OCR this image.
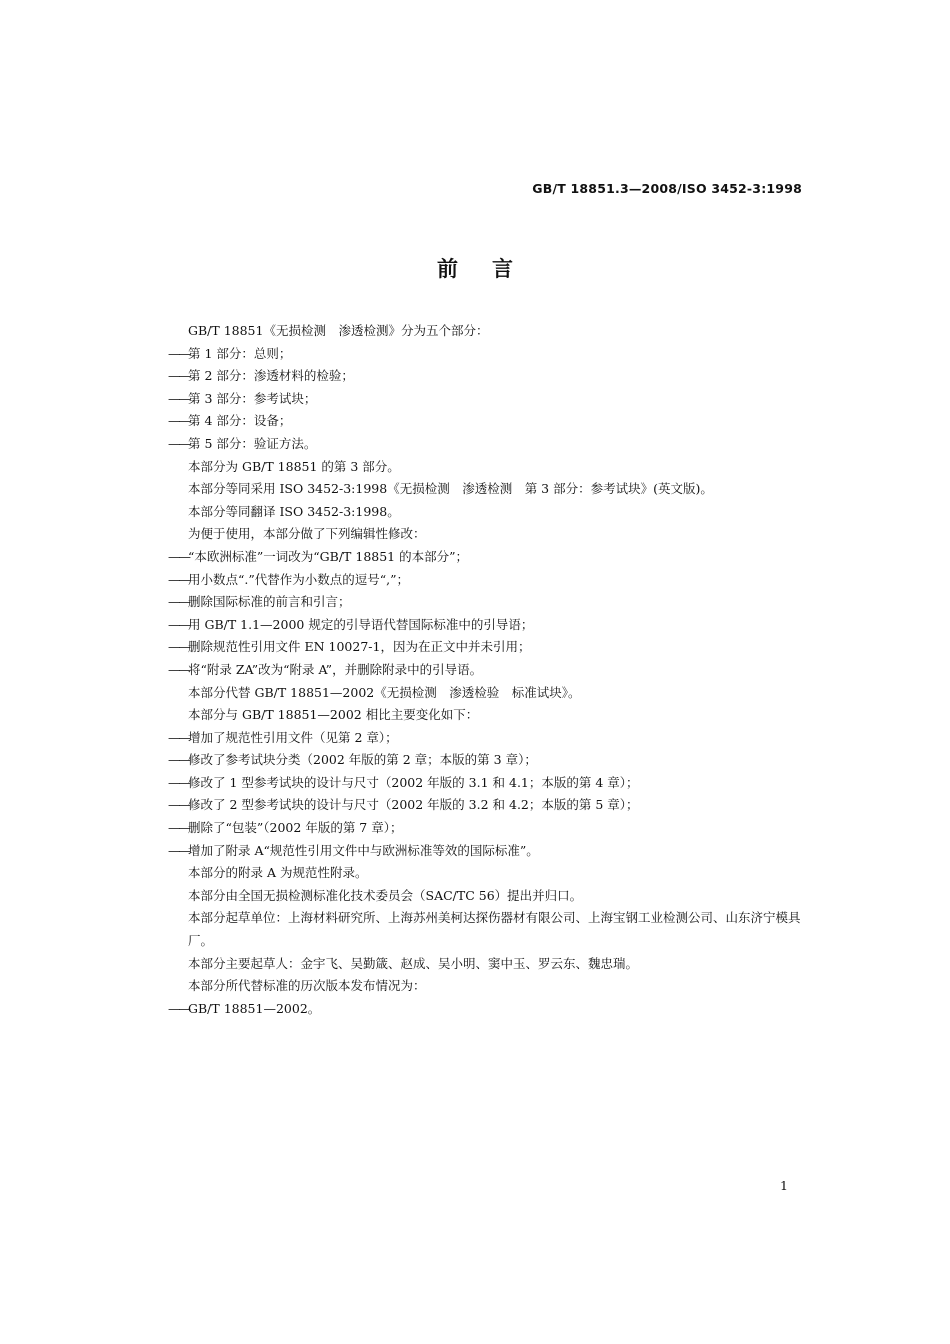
GB/T 18851.3—2008/ISO 3452-3:1998
前言

GB/T 18851《无损检测　渗透检测》分为五个部分：

——第 1 部分：总则；

——第 2 部分：渗透材料的检验；

——第 3 部分：参考试块；

——第 4 部分：设备；

——第 5 部分：验证方法。

本部分为 GB/T 18851 的第 3 部分。

本部分等同采用 ISO 3452-3:1998《无损检测　渗透检测　第 3 部分：参考试块》(英文版)。

本部分等同翻译 ISO 3452-3:1998。

为便于使用，本部分做了下列编辑性修改：

——“本欧洲标准”一词改为“GB/T 18851 的本部分”；

——用小数点“.”代替作为小数点的逗号“,”；

——删除国际标准的前言和引言；

——用 GB/T 1.1—2000 规定的引导语代替国际标准中的引导语；

——删除规范性引用文件 EN 10027-1，因为在正文中并未引用；

——将“附录 ZA”改为“附录 A”，并删除附录中的引导语。

本部分代替 GB/T 18851—2002《无损检测　渗透检验　标准试块》。

本部分与 GB/T 18851—2002 相比主要变化如下：

——增加了规范性引用文件（见第 2 章）；

——修改了参考试块分类（2002 年版的第 2 章；本版的第 3 章）；

——修改了 1 型参考试块的设计与尺寸（2002 年版的 3.1 和 4.1；本版的第 4 章）；

——修改了 2 型参考试块的设计与尺寸（2002 年版的 3.2 和 4.2；本版的第 5 章）；

——删除了“包装”（2002 年版的第 7 章）；

——增加了附录 A“规范性引用文件中与欧洲标准等效的国际标准”。

本部分的附录 A 为规范性附录。

本部分由全国无损检测标准化技术委员会（SAC/TC 56）提出并归口。

本部分起草单位：上海材料研究所、上海苏州美柯达探伤器材有限公司、上海宝钢工业检测公司、山东济宁模具厂。

本部分主要起草人：金宇飞、吴勤箴、赵成、吴小明、窦中玉、罗云东、魏忠瑞。

本部分所代替标准的历次版本发布情况为：

——GB/T 18851—2002。

1
